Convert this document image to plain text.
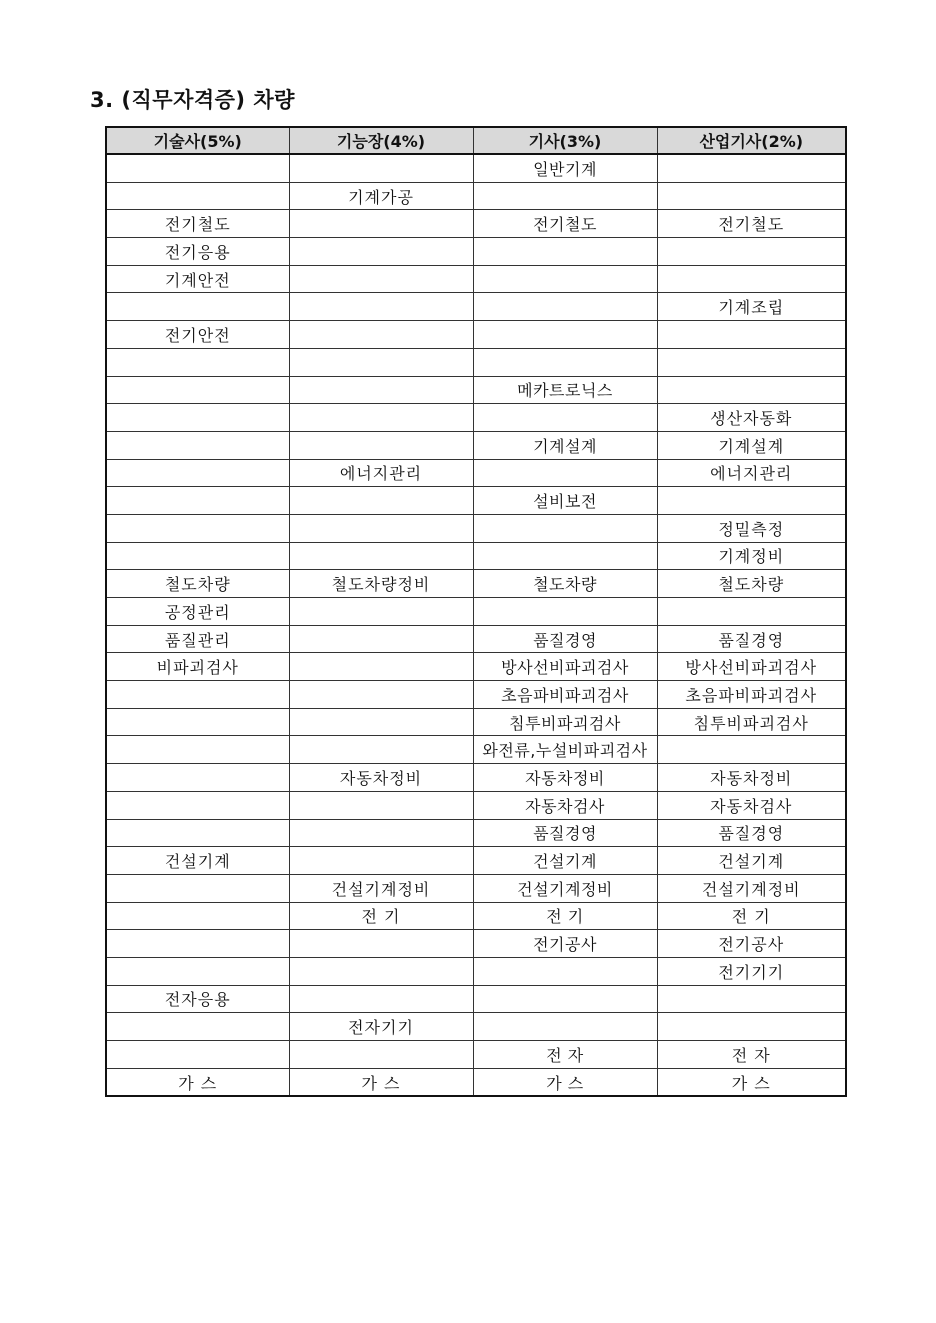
3. (직무자격증) 차량
기술사(5%)	기능장(4%)	기사(3%)	산업기사(2%)
		일반기계	
	기계가공		
전기철도		전기철도	전기철도
전기응용			
기계안전			
			기계조립
전기안전			

		메카트로닉스	
			생산자동화
		기계설계	기계설계
	에너지관리		에너지관리
		설비보전	
			정밀측정
			기계정비
철도차량	철도차량정비	철도차량	철도차량
공정관리			
품질관리		품질경영	품질경영
비파괴검사		방사선비파괴검사	방사선비파괴검사
		초음파비파괴검사	초음파비파괴검사
		침투비파괴검사	침투비파괴검사
		와전류,누설비파괴검사	
	자동차정비	자동차정비	자동차정비
		자동차검사	자동차검사
		품질경영	품질경영
건설기계		건설기계	건설기계
	건설기계정비	건설기계정비	건설기계정비
	전 기	전 기	전 기
		전기공사	전기공사
			전기기기
전자응용			
	전자기기		
		전 자	전 자
가 스	가 스	가 스	가 스
